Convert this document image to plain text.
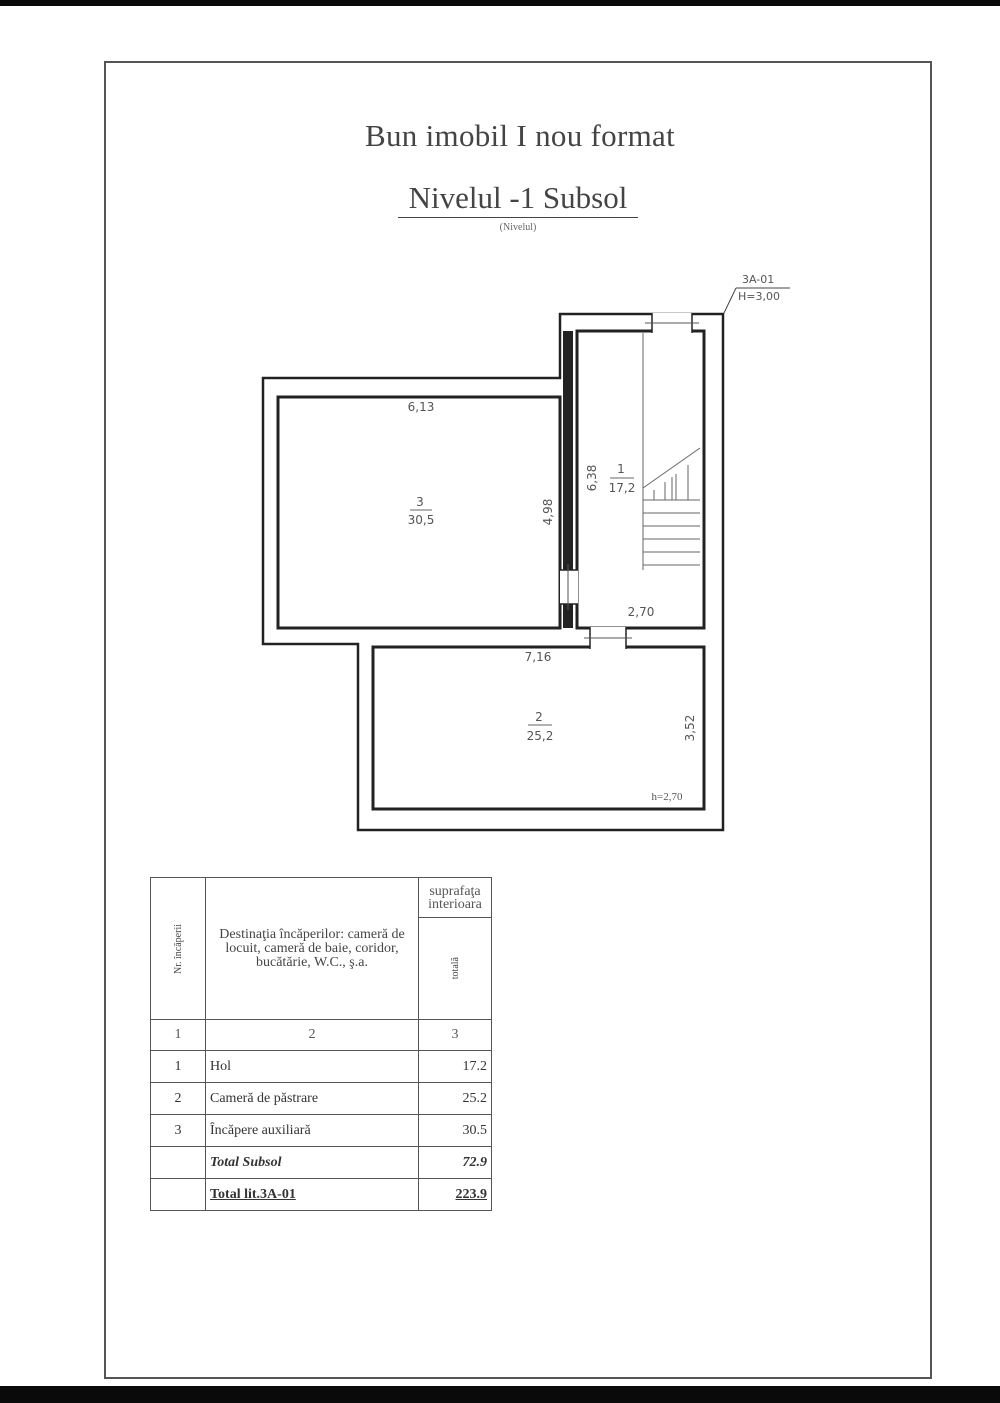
Bun imobil I nou format
Nivelul -1 Subsol
(Nivelul)
3A-01
H=3,00
3
30,5
1
17,2
2
25,2
6,13
4,98
6,38
2,70
7,16
3,52
h=2,70
Nr. încăperii	Destinaţia încăperilor: cameră de locuit, cameră de baie, coridor, bucătărie, W.C., ş.a.	suprafaţa interioara

		totală

1	2	3
1	Hol	17.2
2	Cameră de păstrare	25.2
3	Încăpere auxiliară	30.5
	Total Subsol	72.9
	Total lit.3A-01	223.9
